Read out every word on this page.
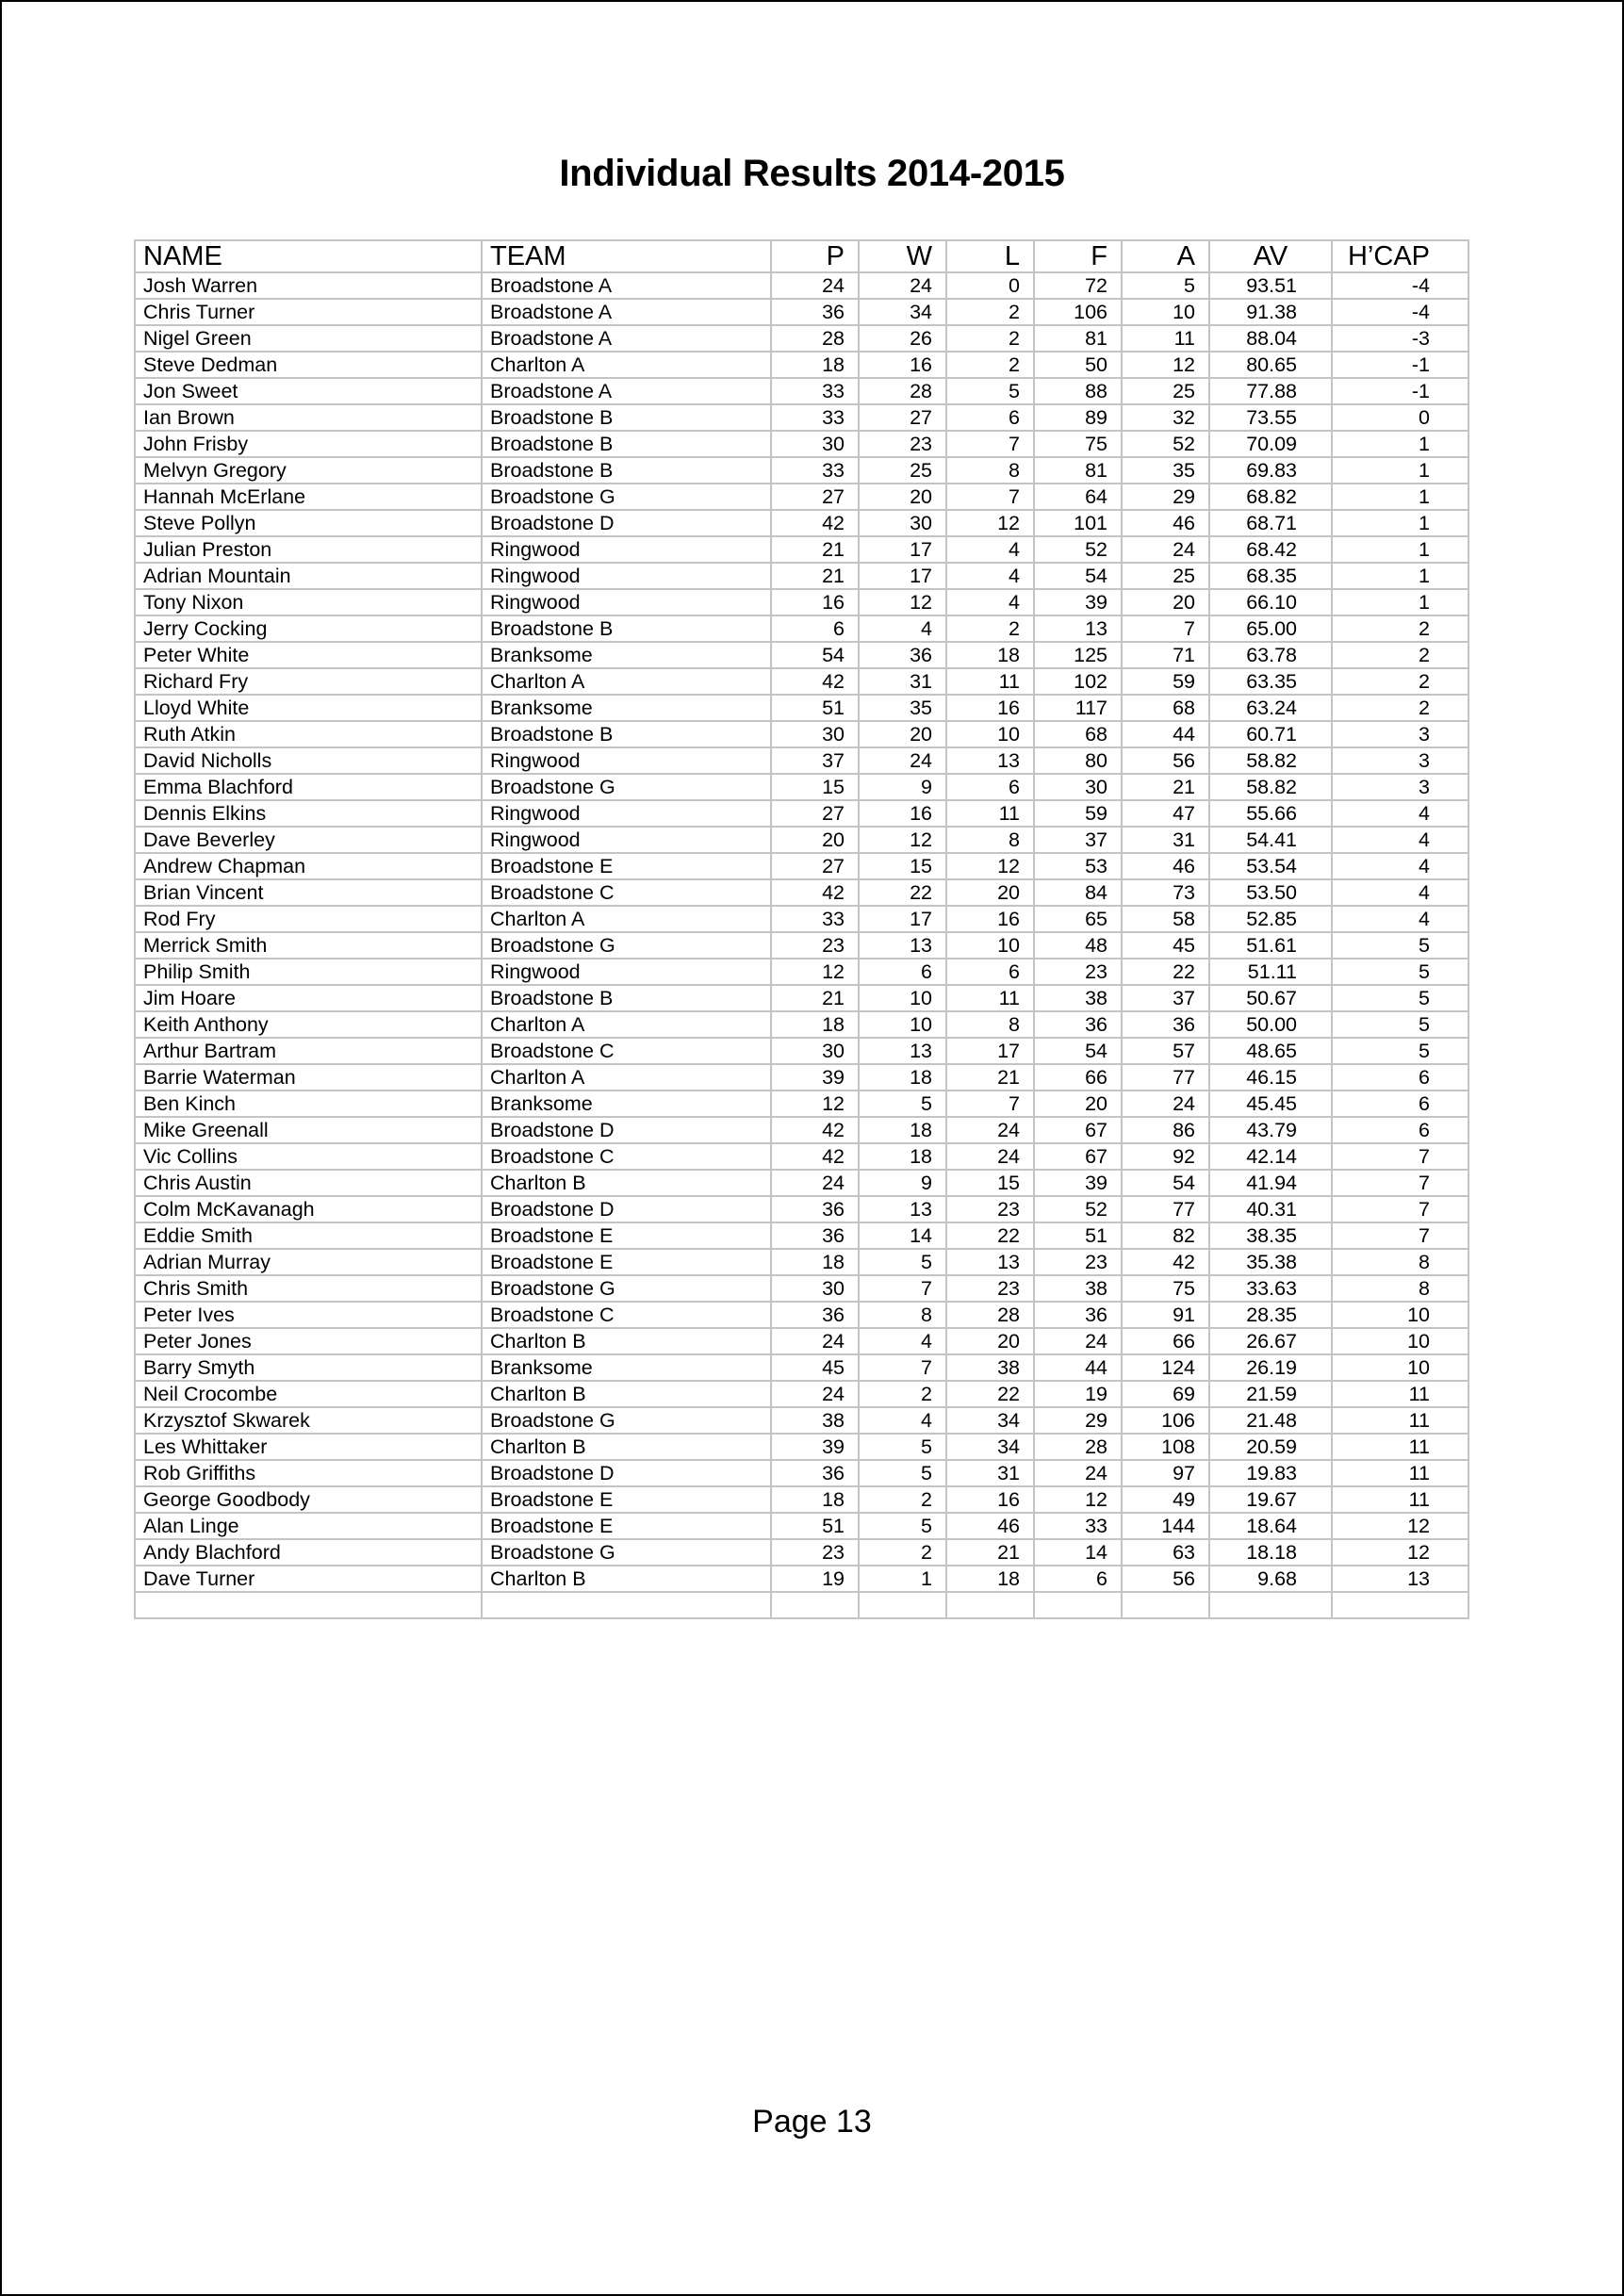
Individual Results 2014-2015
NAME	TEAM	P	W	L	F	A	AV	H’CAP
Josh Warren	Broadstone A	24	24	0	72	5	93.51	-4
Chris Turner	Broadstone A	36	34	2	106	10	91.38	-4
Nigel Green	Broadstone A	28	26	2	81	11	88.04	-3
Steve Dedman	Charlton A	18	16	2	50	12	80.65	-1
Jon Sweet	Broadstone A	33	28	5	88	25	77.88	-1
Ian Brown	Broadstone B	33	27	6	89	32	73.55	0
John Frisby	Broadstone B	30	23	7	75	52	70.09	1
Melvyn Gregory	Broadstone B	33	25	8	81	35	69.83	1
Hannah McErlane	Broadstone G	27	20	7	64	29	68.82	1
Steve Pollyn	Broadstone D	42	30	12	101	46	68.71	1
Julian Preston	Ringwood	21	17	4	52	24	68.42	1
Adrian Mountain	Ringwood	21	17	4	54	25	68.35	1
Tony Nixon	Ringwood	16	12	4	39	20	66.10	1
Jerry Cocking	Broadstone B	6	4	2	13	7	65.00	2
Peter White	Branksome	54	36	18	125	71	63.78	2
Richard Fry	Charlton A	42	31	11	102	59	63.35	2
Lloyd White	Branksome	51	35	16	117	68	63.24	2
Ruth Atkin	Broadstone B	30	20	10	68	44	60.71	3
David Nicholls	Ringwood	37	24	13	80	56	58.82	3
Emma Blachford	Broadstone G	15	9	6	30	21	58.82	3
Dennis Elkins	Ringwood	27	16	11	59	47	55.66	4
Dave Beverley	Ringwood	20	12	8	37	31	54.41	4
Andrew Chapman	Broadstone E	27	15	12	53	46	53.54	4
Brian Vincent	Broadstone C	42	22	20	84	73	53.50	4
Rod Fry	Charlton A	33	17	16	65	58	52.85	4
Merrick Smith	Broadstone G	23	13	10	48	45	51.61	5
Philip Smith	Ringwood	12	6	6	23	22	51.11	5
Jim Hoare	Broadstone B	21	10	11	38	37	50.67	5
Keith Anthony	Charlton A	18	10	8	36	36	50.00	5
Arthur Bartram	Broadstone C	30	13	17	54	57	48.65	5
Barrie Waterman	Charlton A	39	18	21	66	77	46.15	6
Ben Kinch	Branksome	12	5	7	20	24	45.45	6
Mike Greenall	Broadstone D	42	18	24	67	86	43.79	6
Vic Collins	Broadstone C	42	18	24	67	92	42.14	7
Chris Austin	Charlton B	24	9	15	39	54	41.94	7
Colm McKavanagh	Broadstone D	36	13	23	52	77	40.31	7
Eddie Smith	Broadstone E	36	14	22	51	82	38.35	7
Adrian Murray	Broadstone E	18	5	13	23	42	35.38	8
Chris Smith	Broadstone G	30	7	23	38	75	33.63	8
Peter Ives	Broadstone C	36	8	28	36	91	28.35	10
Peter Jones	Charlton B	24	4	20	24	66	26.67	10
Barry Smyth	Branksome	45	7	38	44	124	26.19	10
Neil Crocombe	Charlton B	24	2	22	19	69	21.59	11
Krzysztof Skwarek	Broadstone G	38	4	34	29	106	21.48	11
Les Whittaker	Charlton B	39	5	34	28	108	20.59	11
Rob Griffiths	Broadstone D	36	5	31	24	97	19.83	11
George Goodbody	Broadstone E	18	2	16	12	49	19.67	11
Alan Linge	Broadstone E	51	5	46	33	144	18.64	12
Andy Blachford	Broadstone G	23	2	21	14	63	18.18	12
Dave Turner	Charlton B	19	1	18	6	56	9.68	13

Page 13
